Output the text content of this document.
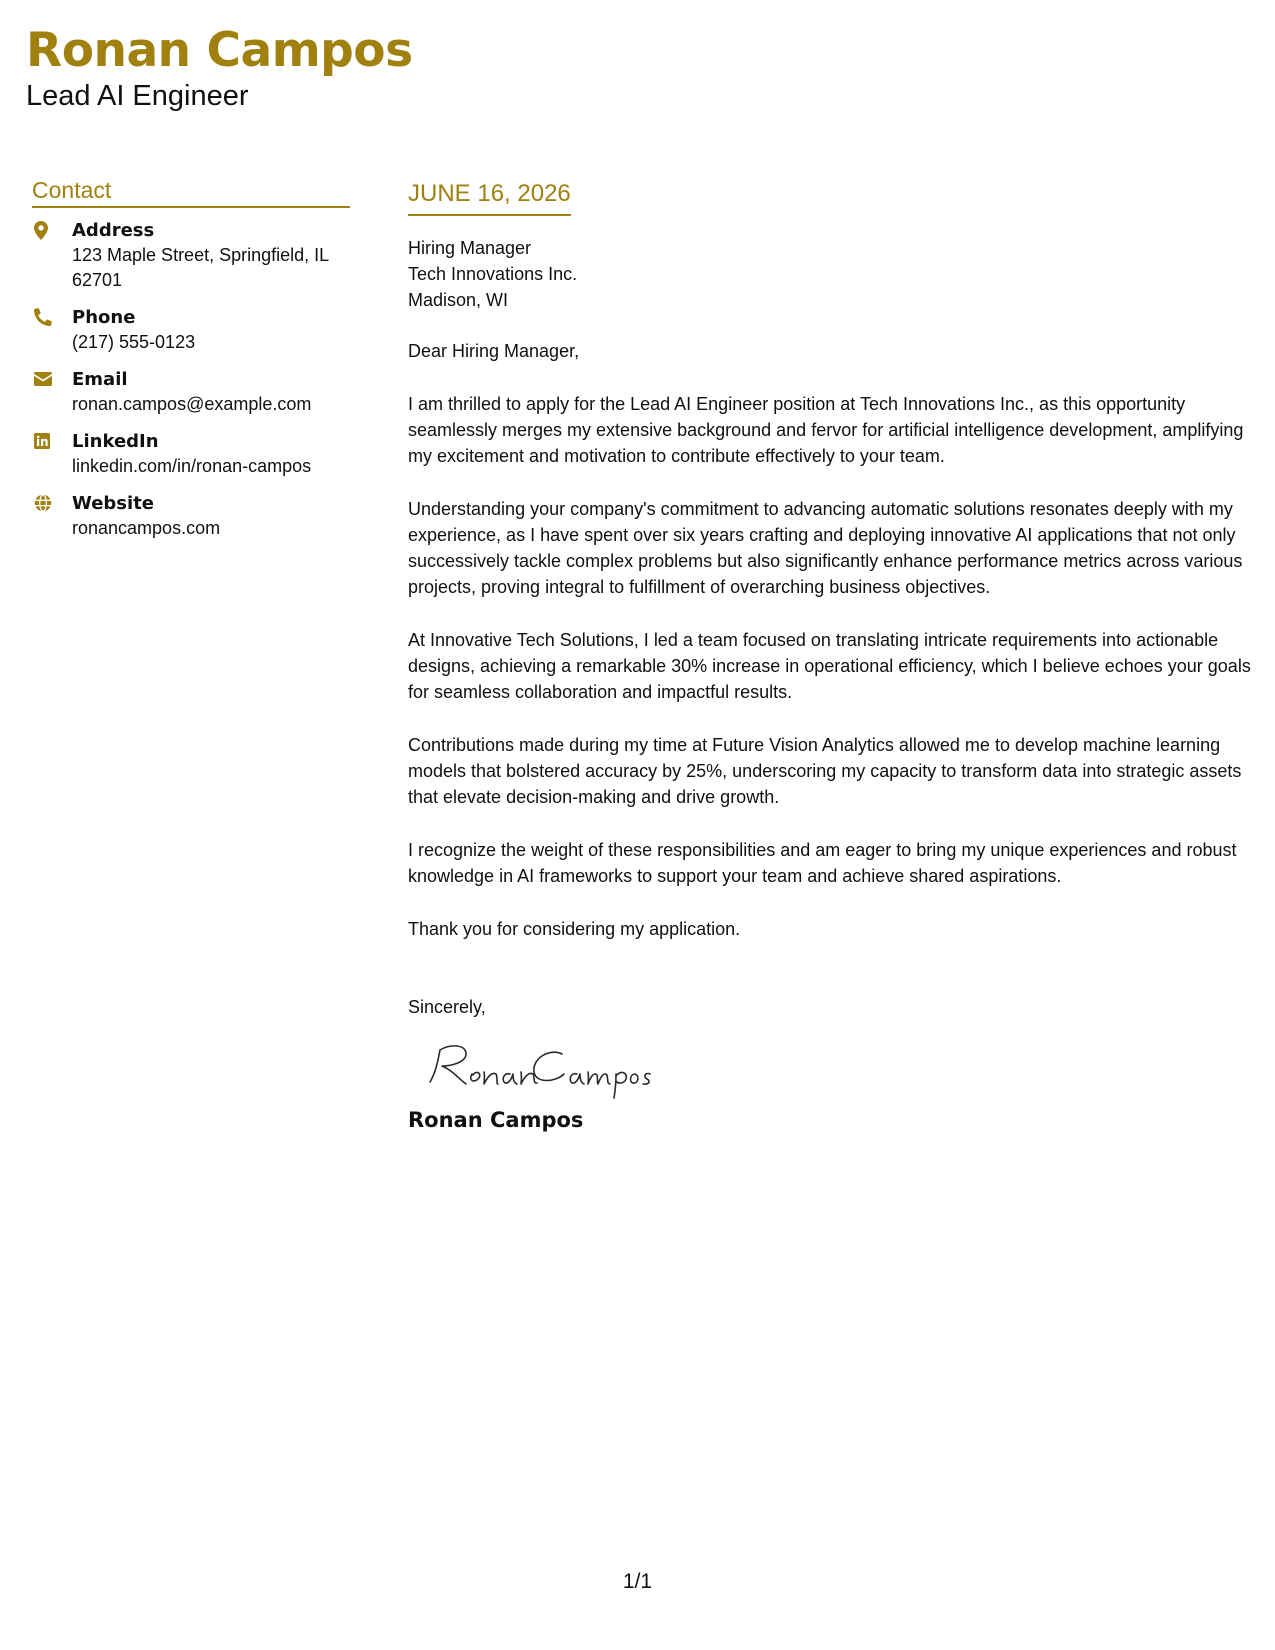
Ronan Campos
Lead AI Engineer
Contact
Address
123 Maple Street, Springfield, IL 62701
Phone
(217) 555-0123
Email
ronan.campos@example.com
LinkedIn
linkedin.com/in/ronan-campos
Website
ronancampos.com
JUNE 16, 2026
Hiring Manager
Tech Innovations Inc.
Madison, WI

Dear Hiring Manager,

I am thrilled to apply for the Lead AI Engineer position at Tech Innovations Inc., as this opportunity seamlessly merges my extensive background and fervor for artificial intelligence development, amplifying my excitement and motivation to contribute effectively to your team.

Understanding your company's commitment to advancing automatic solutions resonates deeply with my experience, as I have spent over six years crafting and deploying innovative AI applications that not only successively tackle complex problems but also significantly enhance performance metrics across various projects, proving integral to fulfillment of overarching business objectives.

At Innovative Tech Solutions, I led a team focused on translating intricate requirements into actionable designs, achieving a remarkable 30% increase in operational efficiency, which I believe echoes your goals for seamless collaboration and impactful results.

Contributions made during my time at Future Vision Analytics allowed me to develop machine learning models that bolstered accuracy by 25%, underscoring my capacity to transform data into strategic assets that elevate decision-making and drive growth.

I recognize the weight of these responsibilities and am eager to bring my unique experiences and robust knowledge in AI frameworks to support your team and achieve shared aspirations.

Thank you for considering my application.

Sincerely,

Ronan Campos
1/1
